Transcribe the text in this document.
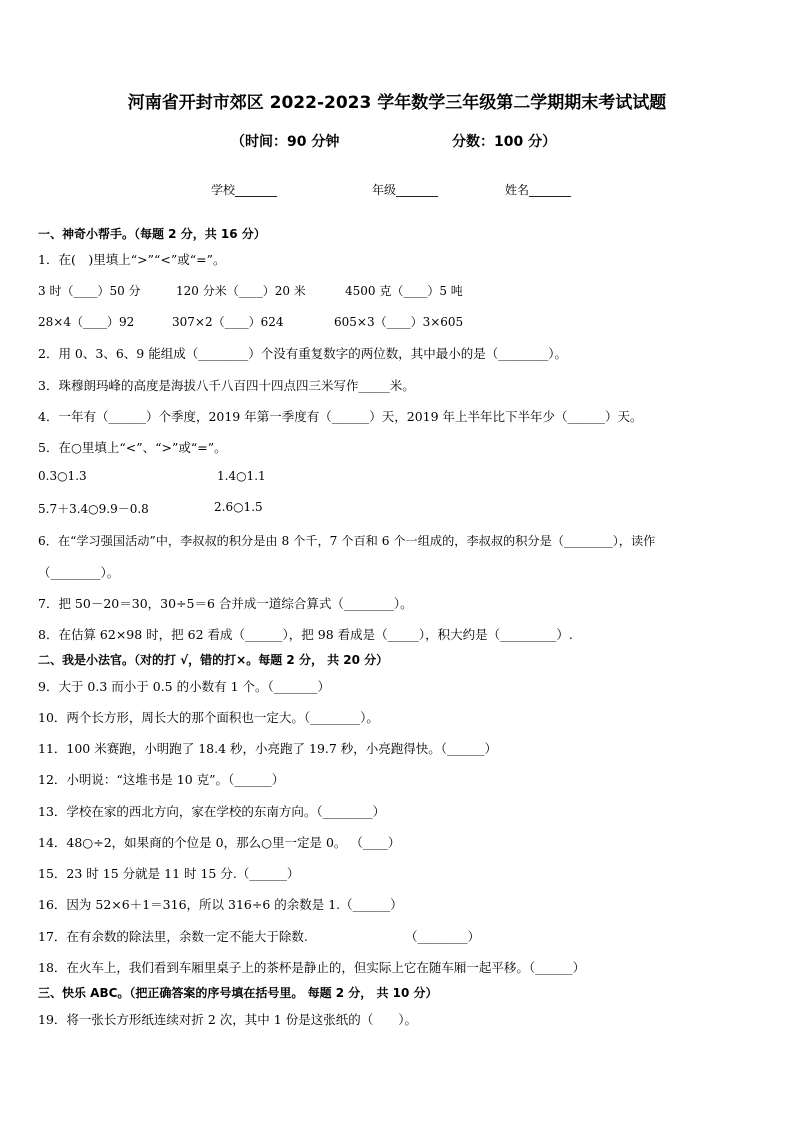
河南省开封市郊区 2022-2023 学年数学三年级第二学期期末考试试题
（时间：90 分钟	分数：100 分）
学校_______	年级_______	姓名_______
一、神奇小帮手。（每题 2 分，共 16 分）
1．在(　)里填上“>”“<”或“=”。
3 时（____）50 分	120 分米（____）20 米	4500 克（____）5 吨
28×4（____）92	307×2（____）624	605×3（____）3×605
2．用 0、3、6、9 能组成（________）个没有重复数字的两位数，其中最小的是（________）。
3．珠穆朗玛峰的高度是海拔八千八百四十四点四三米写作_____米。
4．一年有（______）个季度，2019 年第一季度有（______）天，2019 年上半年比下半年少（______）天。
5．在○里填上“<”、“>”或“=”。
0.3○1.3	1.4○1.1
5.7＋3.4○9.9－0.8	2.6○1.5
6．在“学习强国活动”中，李叔叔的积分是由 8 个千，7 个百和 6 个一组成的，李叔叔的积分是（________），读作
（________）。
7．把 50－20＝30，30÷5＝6 合并成一道综合算式（________）。
8．在估算 62×98 时，把 62 看成（______），把 98 看成是（_____），积大约是（_________）.
二、我是小法官。（对的打 √，错的打×。每题 2 分， 共 20 分）
9．大于 0.3 而小于 0.5 的小数有 1 个。（_______）
10．两个长方形，周长大的那个面积也一定大。（________）。
11．100 米赛跑，小明跑了 18.4 秒，小亮跑了 19.7 秒，小亮跑得快。（______）
12．小明说：“这堆书是 10 克”。（______）
13．学校在家的西北方向，家在学校的东南方向。（________）
14．48○÷2，如果商的个位是 0，那么○里一定是 0。 （____）
15．23 时 15 分就是 11 时 15 分.（______）
16．因为 52×6＋1＝316，所以 316÷6 的余数是 1.（______）
17．在有余数的除法里，余数一定不能大于除数.	（________）
18．在火车上，我们看到车厢里桌子上的茶杯是静止的，但实际上它在随车厢一起平移。（______）
三、快乐 ABC。（把正确答案的序号填在括号里。 每题 2 分， 共 10 分）
19．将一张长方形纸连续对折 2 次，其中 1 份是这张纸的（　　）。
